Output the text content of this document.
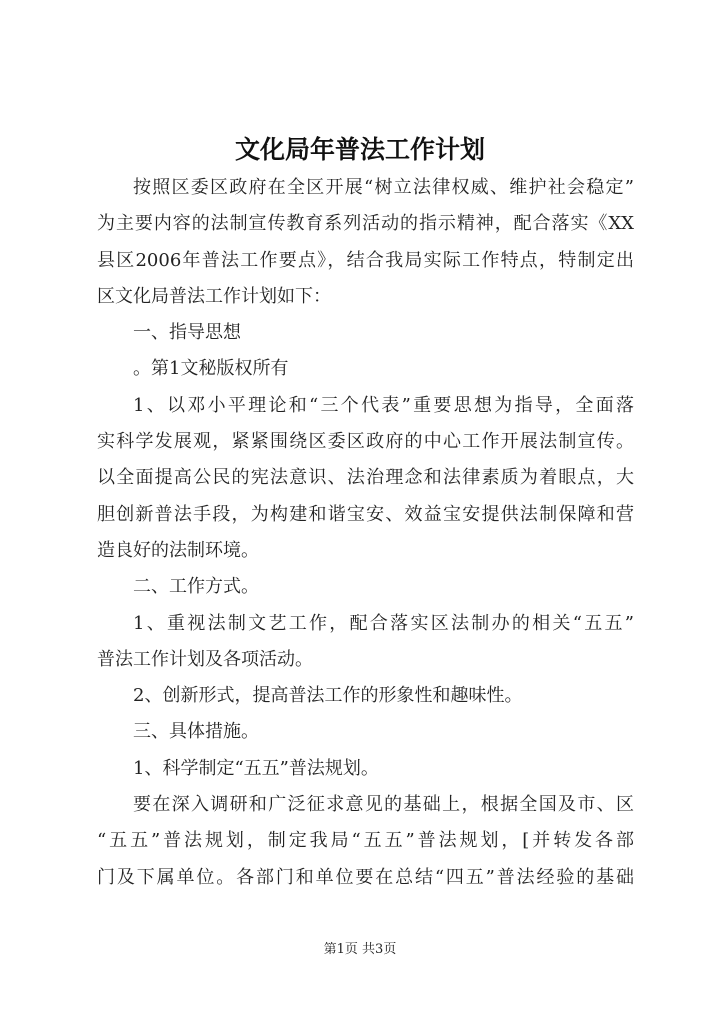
文化局年普法工作计划
按照区委区政府在全区开展“树立法律权威、维护社会稳定”
为主要内容的法制宣传教育系列活动的指示精神，配合落实《XX
县区2006年普法工作要点》，结合我局实际工作特点，特制定出
区文化局普法工作计划如下：
一、指导思想
。第1文秘版权所有
1、以邓小平理论和“三个代表”重要思想为指导，全面落
实科学发展观，紧紧围绕区委区政府的中心工作开展法制宣传。
以全面提高公民的宪法意识、法治理念和法律素质为着眼点，大
胆创新普法手段，为构建和谐宝安、效益宝安提供法制保障和营
造良好的法制环境。
二、工作方式。
1、重视法制文艺工作，配合落实区法制办的相关“五五”
普法工作计划及各项活动。
2、创新形式，提高普法工作的形象性和趣味性。
三、具体措施。
1、科学制定“五五”普法规划。
要在深入调研和广泛征求意见的基础上，根据全国及市、区
“五五”普法规划，制定我局“五五”普法规划，[并转发各部
门及下属单位。各部门和单位要在总结“四五”普法经验的基础
第1页 共3页
